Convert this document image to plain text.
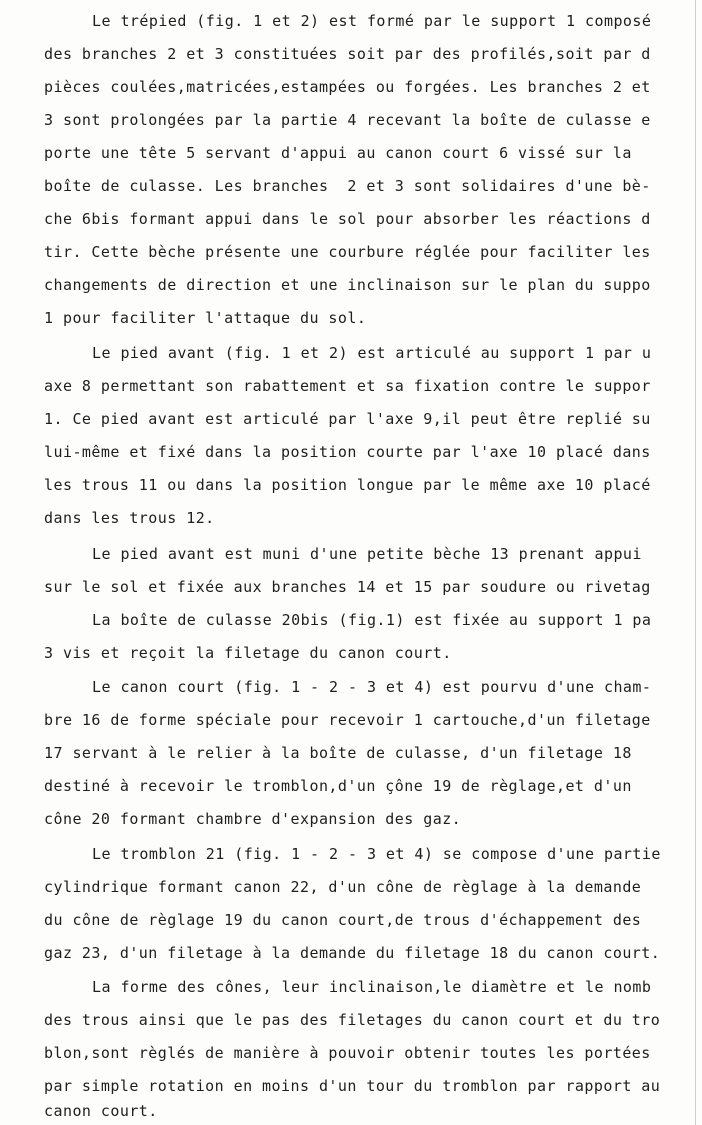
Le trépied (fig. 1 et 2) est formé par le support 1 composé
des branches 2 et 3 constituées soit par des profilés,soit par d
pièces coulées,matricées,estampées ou forgées. Les branches 2 et
3 sont prolongées par la partie 4 recevant la boîte de culasse e
porte une tête 5 servant d'appui au canon court 6 vissé sur la
boîte de culasse. Les branches  2 et 3 sont solidaires d'une bè-
che 6bis formant appui dans le sol pour absorber les réactions d
tir. Cette bèche présente une courbure réglée pour faciliter les
changements de direction et une inclinaison sur le plan du suppo
1 pour faciliter l'attaque du sol.
Le pied avant (fig. 1 et 2) est articulé au support 1 par u
axe 8 permettant son rabattement et sa fixation contre le suppor
1. Ce pied avant est articulé par l'axe 9,il peut être replié su
lui-même et fixé dans la position courte par l'axe 10 placé dans
les trous 11 ou dans la position longue par le même axe 10 placé
dans les trous 12.
Le pied avant est muni d'une petite bèche 13 prenant appui
sur le sol et fixée aux branches 14 et 15 par soudure ou rivetag
La boîte de culasse 20bis (fig.1) est fixée au support 1 pa
3 vis et reçoit la filetage du canon court.
Le canon court (fig. 1 - 2 - 3 et 4) est pourvu d'une cham-
bre 16 de forme spéciale pour recevoir 1 cartouche,d'un filetage
17 servant à le relier à la boîte de culasse, d'un filetage 18
destiné à recevoir le tromblon,d'un çône 19 de règlage,et d'un
cône 20 formant chambre d'expansion des gaz.
Le tromblon 21 (fig. 1 - 2 - 3 et 4) se compose d'une partie
cylindrique formant canon 22, d'un cône de règlage à la demande
du cône de règlage 19 du canon court,de trous d'échappement des
gaz 23, d'un filetage à la demande du filetage 18 du canon court.
La forme des cônes, leur inclinaison,le diamètre et le nomb
des trous ainsi que le pas des filetages du canon court et du tro
blon,sont règlés de manière à pouvoir obtenir toutes les portées
par simple rotation en moins d'un tour du tromblon par rapport au
canon court.
